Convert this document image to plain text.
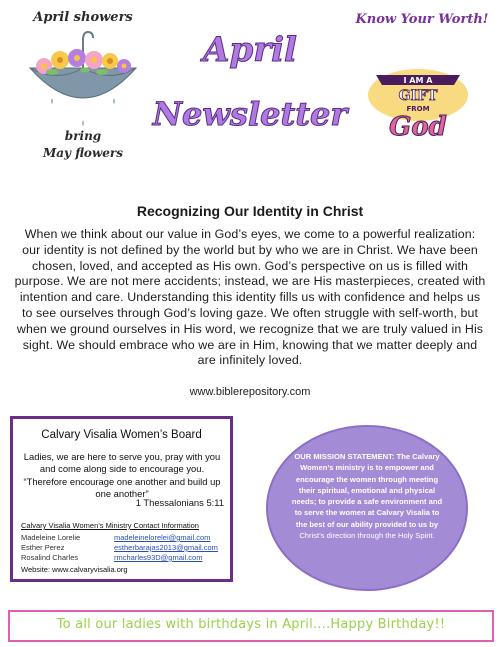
April showers
bring
May flowers
April
Newsletter
Know Your Worth!
I AM A
GIFT
FROM
God
Recognizing Our Identity in Christ
When we think about our value in God’s eyes, we come to a powerful realization: our identity is not defined by the world but by who we are in Christ. We have been chosen, loved, and accepted as His own. God’s perspective on us is filled with purpose. We are not mere accidents; instead, we are His masterpieces, created with intention and care. Understanding this identity fills us with confidence and helps us to see ourselves through God’s loving gaze. We often struggle with self-worth, but when we ground ourselves in His word, we recognize that we are truly valued in His sight. We should embrace who we are in Him, knowing that we matter deeply and are infinitely loved.
www.biblerepository.com
Calvary Visalia Women’s Board
Ladies, we are here to serve you, pray with you and come along side to encourage you. “Therefore encourage one another and build up one another”
1 Thessalonians 5:11
Calvary Visalia Women’s Ministry Contact Information
Madeleine Lorelie	madeleinelorelei@gmail.com
Esther Perez	estherbarajas2013@gmail.com
Rosalind Charles	rmcharles93D@gmail.com
Website: www.calvaryvisalia.org
OUR MISSION STATEMENT: The Calvary Women’s ministry is to empower and encourage the women through meeting their spiritual, emotional and physical needs; to provide a safe environment and to serve the women at Calvary Visalia to the best of our ability provided to us by Christ’s direction through the Holy Spirit.
To all our ladies with birthdays in April….Happy Birthday!!
